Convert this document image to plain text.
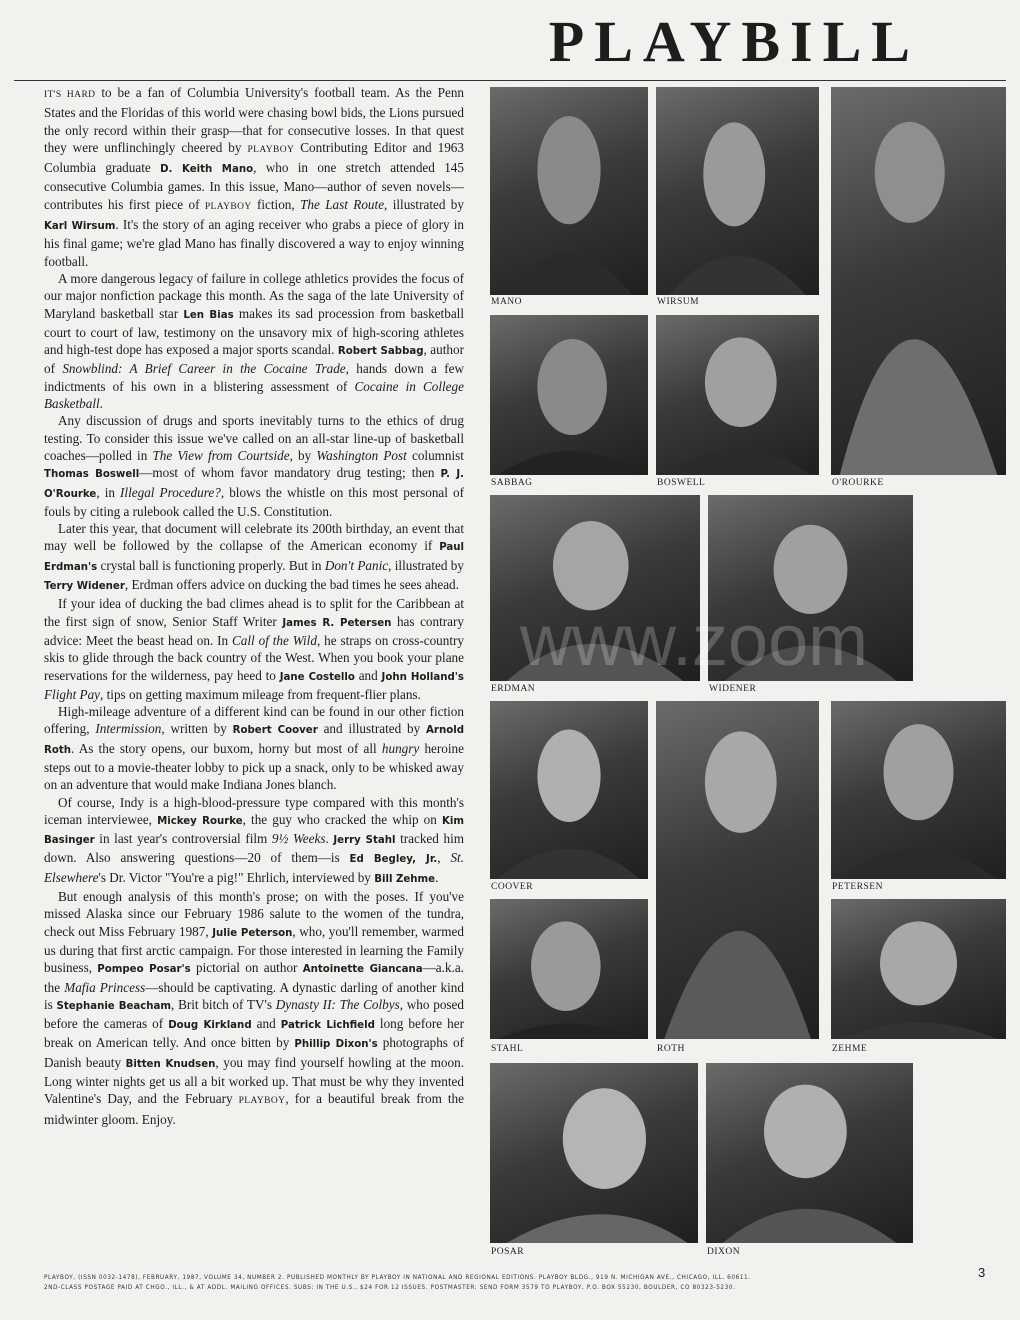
PLAYBILL

IT'S HARD to be a fan of Columbia University's football team. As the Penn States and the Floridas of this world were chasing bowl bids, the Lions pursued the only record within their grasp—that for consecutive losses. In that quest they were unflinchingly cheered by PLAYBOY Contributing Editor and 1963 Columbia graduate D. Keith Mano, who in one stretch attended 145 consecutive Columbia games. In this issue, Mano—author of seven novels—contributes his first piece of PLAYBOY fiction, The Last Route, illustrated by Karl Wirsum. It's the story of an aging receiver who grabs a piece of glory in his final game; we're glad Mano has finally discovered a way to enjoy winning football.

A more dangerous legacy of failure in college athletics provides the focus of our major nonfiction package this month. As the saga of the late University of Maryland basketball star Len Bias makes its sad procession from basketball court to court of law, testimony on the unsavory mix of high-scoring athletes and high-test dope has exposed a major sports scandal. Robert Sabbag, author of Snowblind: A Brief Career in the Cocaine Trade, hands down a few indictments of his own in a blistering assessment of Cocaine in College Basketball.

Any discussion of drugs and sports inevitably turns to the ethics of drug testing. To consider this issue we've called on an all-star line-up of basketball coaches—polled in The View from Courtside, by Washington Post columnist Thomas Boswell—most of whom favor mandatory drug testing; then P. J. O'Rourke, in Illegal Procedure?, blows the whistle on this most personal of fouls by citing a rulebook called the U.S. Constitution.

Later this year, that document will celebrate its 200th birthday, an event that may well be followed by the collapse of the American economy if Paul Erdman's crystal ball is functioning properly. But in Don't Panic, illustrated by Terry Widener, Erdman offers advice on ducking the bad times he sees ahead.

If your idea of ducking the bad climes ahead is to split for the Caribbean at the first sign of snow, Senior Staff Writer James R. Petersen has contrary advice: Meet the beast head on. In Call of the Wild, he straps on cross-country skis to glide through the back country of the West. When you book your plane reservations for the wilderness, pay heed to Jane Costello and John Holland's Flight Pay, tips on getting maximum mileage from frequent-flier plans.

High-mileage adventure of a different kind can be found in our other fiction offering, Intermission, written by Robert Coover and illustrated by Arnold Roth. As the story opens, our buxom, horny but most of all hungry heroine steps out to a movie-theater lobby to pick up a snack, only to be whisked away on an adventure that would make Indiana Jones blanch.

Of course, Indy is a high-blood-pressure type compared with this month's iceman interviewee, Mickey Rourke, the guy who cracked the whip on Kim Basinger in last year's controversial film 9½ Weeks. Jerry Stahl tracked him down. Also answering questions—20 of them—is Ed Begley, Jr., St. Elsewhere's Dr. Victor "You're a pig!" Ehrlich, interviewed by Bill Zehme.

But enough analysis of this month's prose; on with the poses. If you've missed Alaska since our February 1986 salute to the women of the tundra, check out Miss February 1987, Julie Peterson, who, you'll remember, warmed us during that first arctic campaign. For those interested in learning the Family business, Pompeo Posar's pictorial on author Antoinette Giancana—a.k.a. the Mafia Princess—should be captivating. A dynastic darling of another kind is Stephanie Beacham, Brit bitch of TV's Dynasty II: The Colbys, who posed before the cameras of Doug Kirkland and Patrick Lichfield long before her break on American telly. And once bitten by Phillip Dixon's photographs of Danish beauty Bitten Knudsen, you may find yourself howling at the moon. Long winter nights get us all a bit worked up. That must be why they invented Valentine's Day, and the February PLAYBOY, for a beautiful break from the midwinter gloom. Enjoy.

MANO	WIRSUM
O'ROURKE
SABBAG	BOSWELL
ERDMAN	WIDENER
COOVER
ROTH
PETERSEN
STAHL	ZEHME
POSAR	DIXON
www.zoom
PLAYBOY, (ISSN 0032-1478), FEBRUARY, 1987, VOLUME 34, NUMBER 2. PUBLISHED MONTHLY BY PLAYBOY IN NATIONAL AND REGIONAL EDITIONS. PLAYBOY BLDG., 919 N. MICHIGAN AVE., CHICAGO, ILL. 60611.
2ND-CLASS POSTAGE PAID AT CHGO., ILL., & AT ADDL. MAILING OFFICES. SUBS: IN THE U.S., $24 FOR 12 ISSUES. POSTMASTER: SEND FORM 3579 TO PLAYBOY, P.O. BOX 55230, BOULDER, CO 80323-5230.
3
